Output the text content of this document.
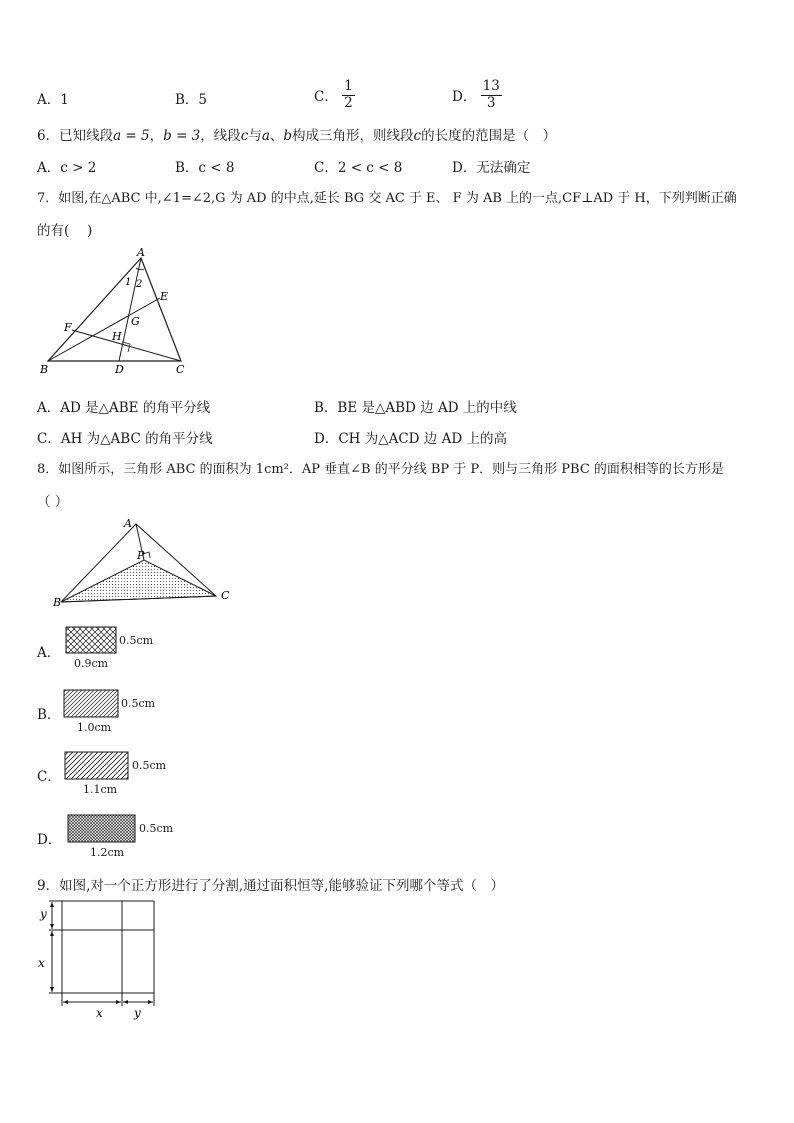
A．1	B．5	C． $\frac{1}{2}$	D． $\frac{13}{3}$
6．已知线段a = 5，b = 3，线段c与a、b构成三角形，则线段c的长度的范围是（　）
A．c > 2	B．c < 8	C．2 < c < 8	D．无法确定
7．如图,在△ABC 中,∠1=∠2,G 为 AD 的中点,延长 BG 交 AC 于 E、 F 为 AB 上的一点,CF⊥AD 于 H，下列判断正确
的有(　 )
A
B	C
D
E
F	G
H
1 2
A．AD 是△ABE 的角平分线	B．BE 是△ABD 边 AD 上的中线
C．AH 为△ABC 的角平分线	D．CH 为△ACD 边 AD 上的高
8．如图所示，三角形 ABC 的面积为 1cm²．AP 垂直∠B 的平分线 BP 于 P．则与三角形 PBC 的面积相等的长方形是
（ ）
A
B
C
P
A．
0.5cm
0.9cm
B．
0.5cm
1.0cm
C．
0.5cm
1.1cm
D．
0.5cm
1.2cm
9．如图,对一个正方形进行了分割,通过面积恒等,能够验证下列哪个等式（　）
y
x
x	y
